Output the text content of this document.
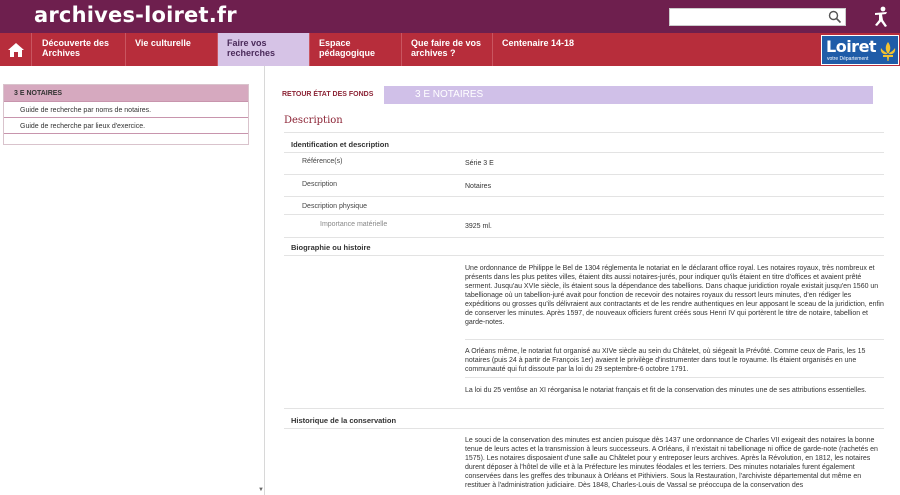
archives-loiret.fr
Découverte des Archives
Vie culturelle	Faire vos recherches
Espace pédagogique
Que faire de vos archives ?
Centenaire 14-18	Loiret
votre Département
3 E NOTAIRES
Guide de recherche par noms de notaires.
Guide de recherche par lieux d'exercice.
RETOUR ÉTAT DES FONDS	3 E NOTAIRES
Description
Identification et description
Référence(s)	Série 3 E
Description	Notaires
Description physique
Importance matérielle	3925 ml.
Biographie ou histoire
Une ordonnance de Philippe le Bel de 1304 réglementa le notariat en le déclarant office royal. Les notaires royaux, très nombreux et présents dans les plus petites villes, étaient dits aussi notaires-jurés, pour indiquer qu'ils étaient en titre d'offices et avaient prêté serment. Jusqu'au XVIe siècle, ils étaient sous la dépendance des tabellions. Dans chaque juridiction royale existait jusqu'en 1560 un tabellionage où un tabellion-juré avait pour fonction de recevoir des notaires royaux du ressort leurs minutes, d'en rédiger les expéditions ou grosses qu'ils délivraient aux contractants et de les rendre authentiques en leur apposant le sceau de la juridiction, enfin de conserver les minutes. Après 1597, de nouveaux officiers furent créés sous Henri IV qui portèrent le titre de notaire, tabellion et garde-notes.
A Orléans même, le notariat fut organisé au XIVe siècle au sein du Châtelet, où siégeait la Prévôté. Comme ceux de Paris, les 15 notaires (puis 24 à partir de François 1er) avaient le privilège d'instrumenter dans tout le royaume. Ils étaient organisés en une communauté qui fut dissoute par la loi du 29 septembre-6 octobre 1791.
La loi du 25 ventôse an XI réorganisa le notariat français et fit de la conservation des minutes une de ses attributions essentielles.
Historique de la conservation
Le souci de la conservation des minutes est ancien puisque dès 1437 une ordonnance de Charles VII exigeait des notaires la bonne tenue de leurs actes et la transmission à leurs successeurs. A Orléans, il n'existait ni tabellionage ni office de garde-note (rachetés en 1575). Les notaires disposaient d'une salle au Châtelet pour y entreposer leurs archives. Après la Révolution, en 1812, les notaires durent déposer à l'hôtel de ville et à la Préfecture les minutes féodales et les terriers. Des minutes notariales furent également conservées dans les greffes des tribunaux à Orléans et Pithiviers. Sous la Restauration, l'archiviste départemental dut même en restituer à l'administration judiciaire. Dès 1848, Charles-Louis de Vassal se préoccupa de la conservation des
▼
